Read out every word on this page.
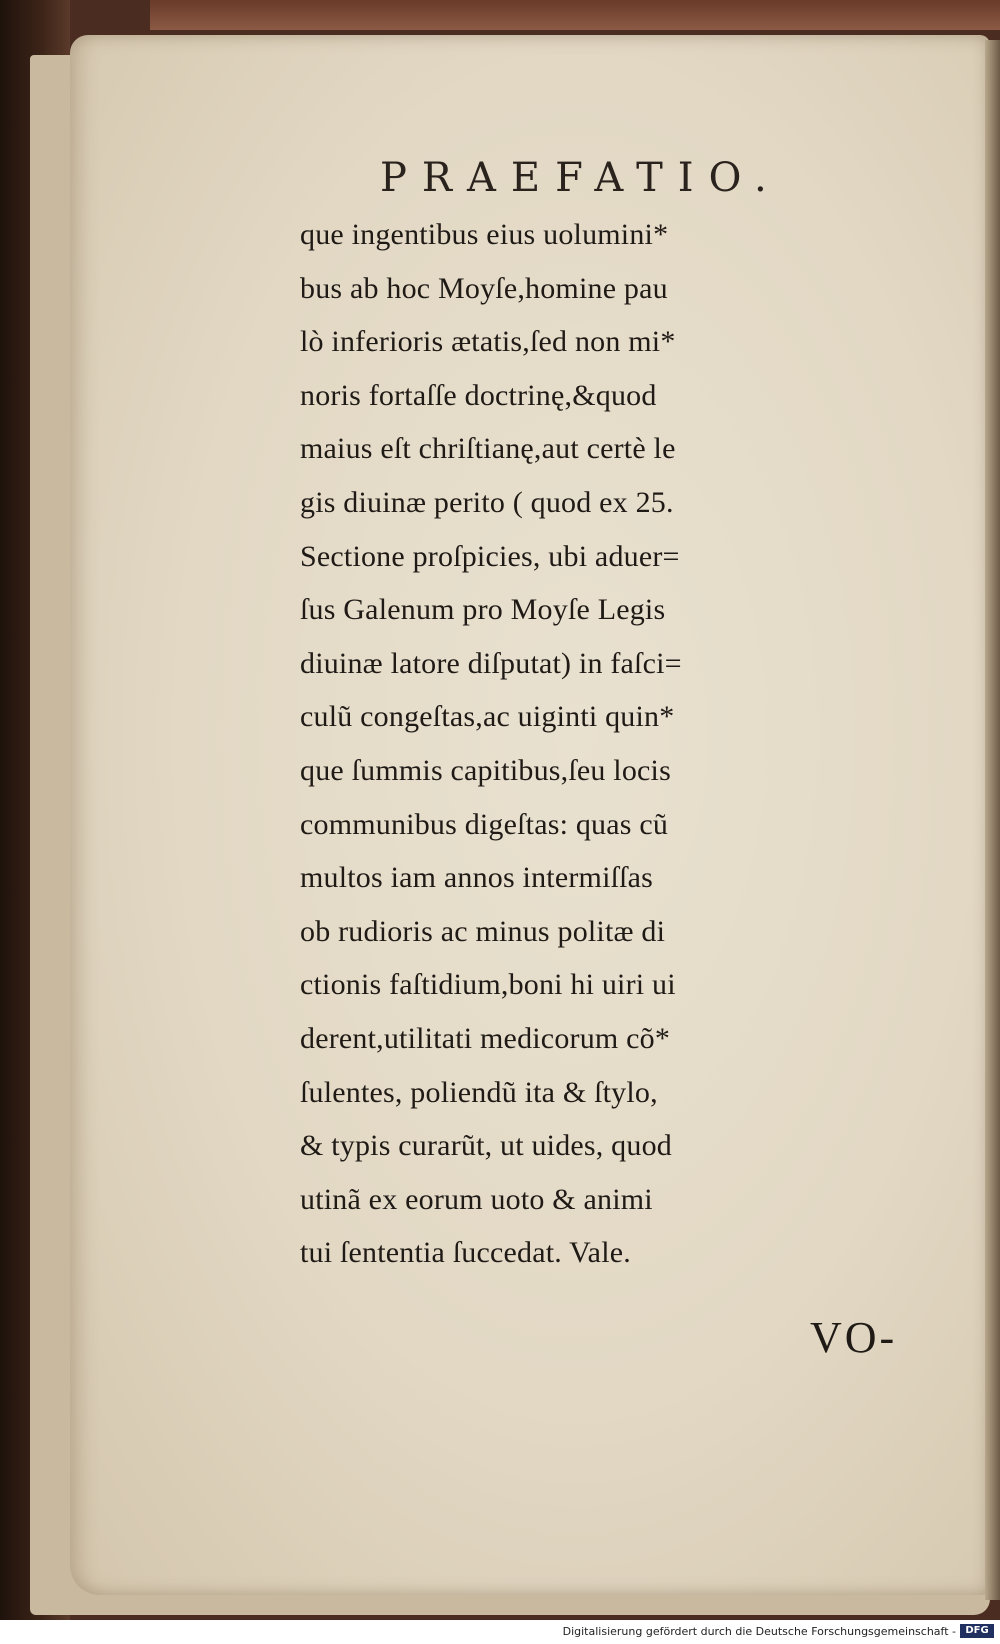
PRAEFATIO.
que ingentibus eius uolumini*
bus ab hoc Moyſe,homine pau
lò inferioris ætatis,ſed non mi*
noris fortaſſe doctrinę,&quod
maius eſt chriſtianę,aut certè le
gis diuinæ perito ( quod ex 25.
Sectione proſpicies, ubi aduer=
ſus Galenum pro Moyſe Legis
diuinæ latore diſputat) in faſci=
culũ congeſtas,ac uiginti quin*
que ſummis capitibus,ſeu locis
communibus digeſtas: quas cũ
multos iam annos intermiſſas
ob rudioris ac minus politæ di
ctionis faſtidium,boni hi uiri ui
derent,utilitati medicorum cõ*
ſulentes, poliendũ ita & ſtylo,
& typis curarũt, ut uides, quod
utinã ex eorum uoto & animi
tui ſententia ſuccedat. Vale.
VO-
Digitalisierung gefördert durch die Deutsche Forschungsgemeinschaft - DFG
